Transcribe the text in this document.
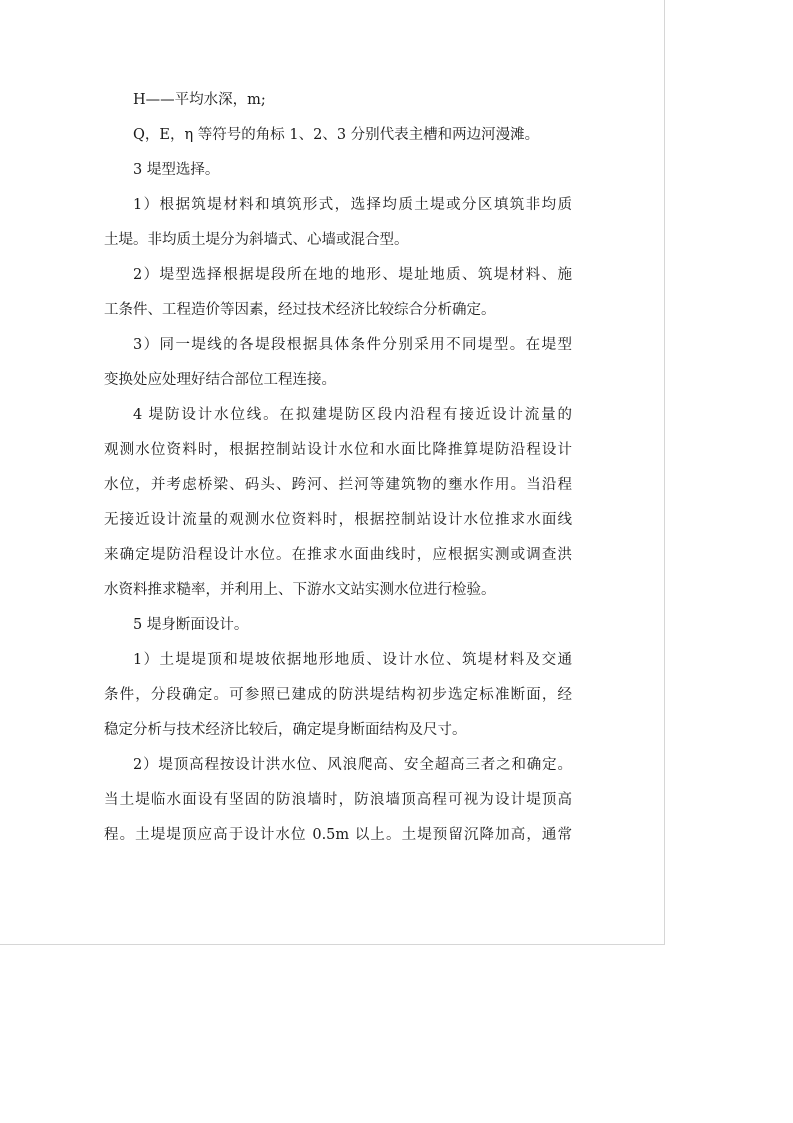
H——平均水深，m;
Q，E，η 等符号的角标 1、2、3 分别代表主槽和两边河漫滩。
3 堤型选择。
1）根据筑堤材料和填筑形式，选择均质土堤或分区填筑非均质
土堤。非均质土堤分为斜墙式、心墙或混合型。
2）堤型选择根据堤段所在地的地形、堤址地质、筑堤材料、施
工条件、工程造价等因素，经过技术经济比较综合分析确定。
3）同一堤线的各堤段根据具体条件分别采用不同堤型。在堤型
变换处应处理好结合部位工程连接。
4 堤防设计水位线。在拟建堤防区段内沿程有接近设计流量的
观测水位资料时，根据控制站设计水位和水面比降推算堤防沿程设计
水位，并考虑桥梁、码头、跨河、拦河等建筑物的壅水作用。当沿程
无接近设计流量的观测水位资料时，根据控制站设计水位推求水面线
来确定堤防沿程设计水位。在推求水面曲线时，应根据实测或调查洪
水资料推求糙率，并利用上、下游水文站实测水位进行检验。
5 堤身断面设计。
1）土堤堤顶和堤坡依据地形地质、设计水位、筑堤材料及交通
条件，分段确定。可参照已建成的防洪堤结构初步选定标准断面，经
稳定分析与技术经济比较后，确定堤身断面结构及尺寸。
2）堤顶高程按设计洪水位、风浪爬高、安全超高三者之和确定。
当土堤临水面设有坚固的防浪墙时，防浪墙顶高程可视为设计堤顶高
程。土堤堤顶应高于设计水位 0.5m 以上。土堤预留沉降加高，通常
